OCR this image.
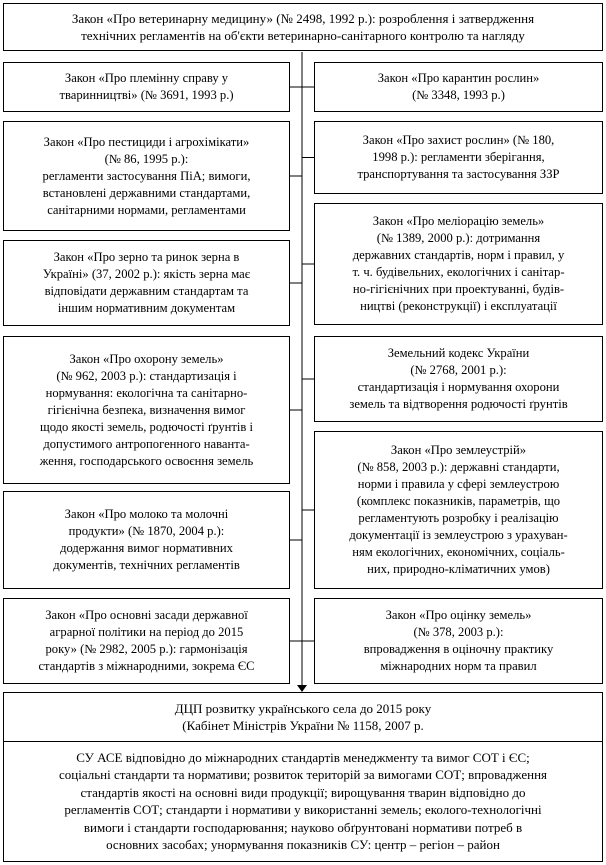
Закон «Про ветеринарну медицину» (№ 2498, 1992 р.): розроблення і затвердження
технічних регламентів на об'єкти ветеринарно-санітарного контролю та нагляду
Закон «Про племінну справу у
тваринництві» (№ 3691, 1993 р.)
Закон «Про пестициди і агрохімікати»
(№ 86, 1995 р.):
регламенти застосування ПіА; вимоги,
встановлені державними стандартами,
санітарними нормами, регламентами
Закон «Про зерно та ринок зерна в
Україні» (37, 2002 р.): якість зерна має
відповідати державним стандартам та
іншим нормативним документам
Закон «Про охорону земель»
(№ 962, 2003 р.): стандартизація і
нормування: екологічна та санітарно-
гігієнічна безпека, визначення вимог
щодо якості земель, родючості ґрунтів і
допустимого антропогенного наванта-
ження, господарського освоєння земель
Закон «Про молоко та молочні
продукти» (№ 1870, 2004 р.):
додержання вимог нормативних
документів, технічних регламентів
Закон «Про основні засади державної
аграрної політики на період до 2015
року» (№ 2982, 2005 р.): гармонізація
стандартів з міжнародними, зокрема ЄС
Закон «Про карантин рослин»
(№ 3348, 1993 р.)
Закон «Про захист рослин» (№ 180,
1998 р.): регламенти зберігання,
транспортування та застосування ЗЗР
Закон «Про меліорацію земель»
(№ 1389, 2000 р.): дотримання
державних стандартів, норм і правил, у
т. ч. будівельних, екологічних і санітар-
но-гігієнічних при проектуванні, будів-
ництві (реконструкції) і експлуатації
Земельний кодекс України
(№ 2768, 2001 р.):
стандартизація і нормування охорони
земель та відтворення родючості ґрунтів
Закон «Про землеустрій»
(№ 858, 2003 р.): державні стандарти,
норми і правила у сфері землеустрою
(комплекс показників, параметрів, що
регламентують розробку і реалізацію
документації із землеустрою з урахуван-
ням екологічних, економічних, соціаль-
них, природно-кліматичних умов)
Закон «Про оцінку земель»
(№ 378, 2003 р.):
впровадження в оціночну практику
міжнародних норм та правил
ДЦП розвитку українського села до 2015 року
(Кабінет Міністрів України № 1158, 2007 р.
СУ АСЕ відповідно до міжнародних стандартів менеджменту та вимог СОТ і ЄС;
соціальні стандарти та нормативи; розвиток територій за вимогами СОТ; впровадження
стандартів якості на основні види продукції; вирощування тварин відповідно до
регламентів СОТ; стандарти і нормативи у використанні земель; еколого-технологічні
вимоги і стандарти господарювання; науково обґрунтовані нормативи потреб в
основних засобах; унормування показників СУ: центр – регіон – район
